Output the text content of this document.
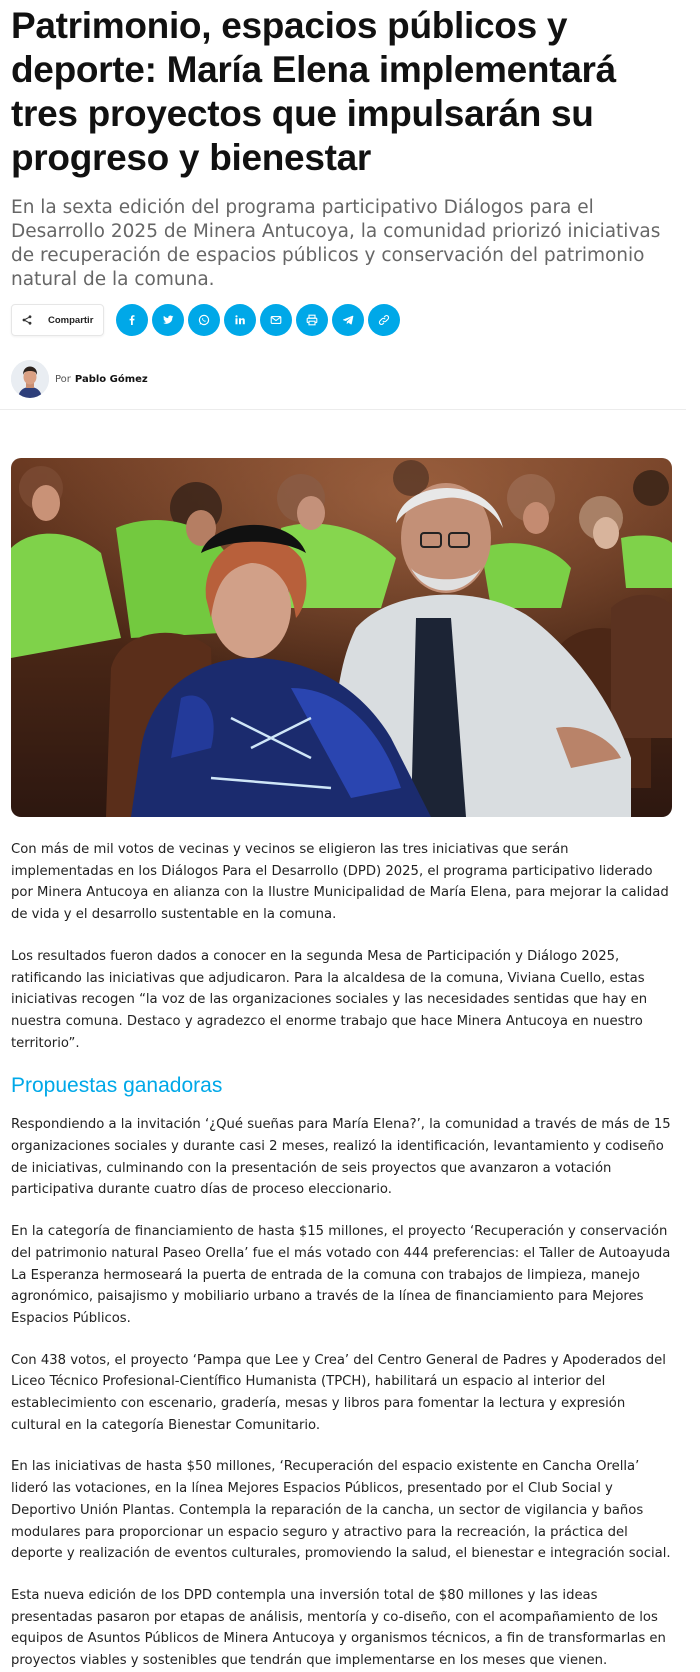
Patrimonio, espacios públicos y deporte: María Elena implementará tres proyectos que impulsarán su progreso y bienestar

En la sexta edición del programa participativo Diálogos para el Desarrollo 2025 de Minera Antucoya, la comunidad priorizó iniciativas de recuperación de espacios públicos y conservación del patrimonio natural de la comuna.

Compartir
Por Pablo Gómez

Con más de mil votos de vecinas y vecinos se eligieron las tres iniciativas que serán implementadas en los Diálogos Para el Desarrollo (DPD) 2025, el programa participativo liderado por Minera Antucoya en alianza con la Ilustre Municipalidad de María Elena, para mejorar la calidad de vida y el desarrollo sustentable en la comuna.

Los resultados fueron dados a conocer en la segunda Mesa de Participación y Diálogo 2025, ratificando las iniciativas que adjudicaron. Para la alcaldesa de la comuna, Viviana Cuello, estas iniciativas recogen “la voz de las organizaciones sociales y las necesidades sentidas que hay en nuestra comuna. Destaco y agradezco el enorme trabajo que hace Minera Antucoya en nuestro territorio”.

Propuestas ganadoras

Respondiendo a la invitación ‘¿Qué sueñas para María Elena?’, la comunidad a través de más de 15 organizaciones sociales y durante casi 2 meses, realizó la identificación, levantamiento y codiseño de iniciativas, culminando con la presentación de seis proyectos que avanzaron a votación participativa durante cuatro días de proceso eleccionario.

En la categoría de financiamiento de hasta $15 millones, el proyecto ‘Recuperación y conservación del patrimonio natural Paseo Orella’ fue el más votado con 444 preferencias: el Taller de Autoayuda La Esperanza hermoseará la puerta de entrada de la comuna con trabajos de limpieza, manejo agronómico, paisajismo y mobiliario urbano a través de la línea de financiamiento para Mejores Espacios Públicos.

Con 438 votos, el proyecto ‘Pampa que Lee y Crea’ del Centro General de Padres y Apoderados del Liceo Técnico Profesional-Científico Humanista (TPCH), habilitará un espacio al interior del establecimiento con escenario, gradería, mesas y libros para fomentar la lectura y expresión cultural en la categoría Bienestar Comunitario.

En las iniciativas de hasta $50 millones, ‘Recuperación del espacio existente en Cancha Orella’ lideró las votaciones, en la línea Mejores Espacios Públicos, presentado por el Club Social y Deportivo Unión Plantas. Contempla la reparación de la cancha, un sector de vigilancia y baños modulares para proporcionar un espacio seguro y atractivo para la recreación, la práctica del deporte y realización de eventos culturales, promoviendo la salud, el bienestar e integración social.

Esta nueva edición de los DPD contempla una inversión total de $80 millones y las ideas presentadas pasaron por etapas de análisis, mentoría y co-diseño, con el acompañamiento de los equipos de Asuntos Públicos de Minera Antucoya y organismos técnicos, a fin de transformarlas en proyectos viables y sostenibles que tendrán que implementarse en los meses que vienen.
